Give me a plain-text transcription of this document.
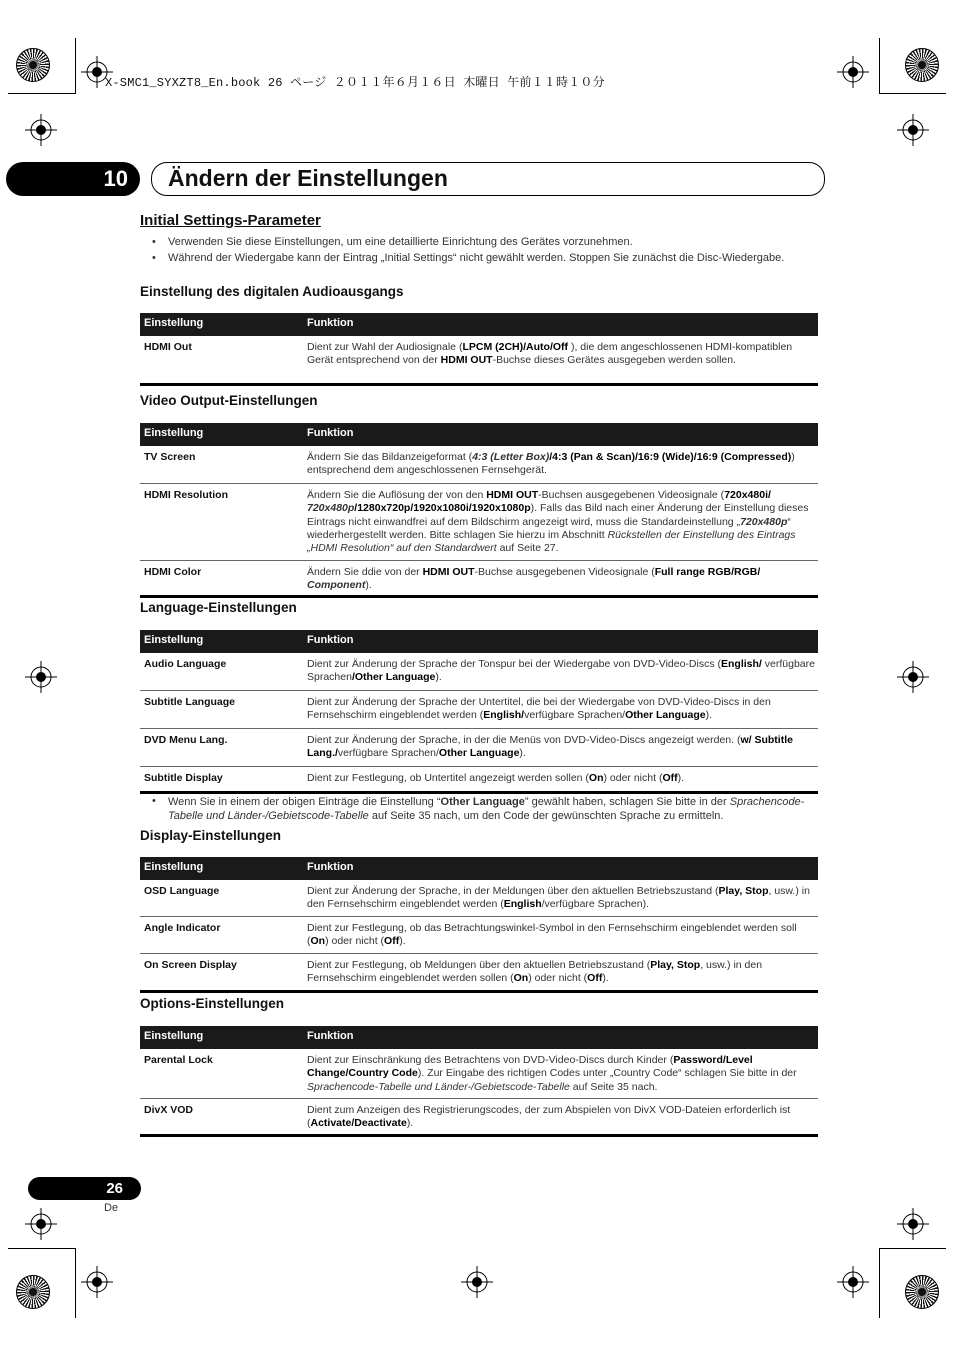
X-SMC1_SYXZT8_En.book 26 ページ ２０１１年６月１６日 木曜日 午前１１時１０分
10	Ändern der Einstellungen
Initial Settings-Parameter
• Verwenden Sie diese Einstellungen, um eine detaillierte Einrichtung des Gerätes vorzunehmen.
• Während der Wiedergabe kann der Eintrag „Initial Settings“ nicht gewählt werden. Stoppen Sie zunächst die Disc-Wiedergabe.
Einstellung des digitalen Audioausgangs
Einstellung	Funktion
HDMI Out	Dient zur Wahl der Audiosignale (LPCM (2CH)/Auto/Off ), die dem angeschlossenen HDMI-kompatiblen Gerät entsprechend von der HDMI OUT-Buchse dieses Gerätes ausgegeben werden sollen.
Video Output-Einstellungen
Einstellung	Funktion
TV Screen	Ändern Sie das Bildanzeigeformat (4:3 (Letter Box)/4:3 (Pan & Scan)/16:9 (Wide)/16:9 (Compressed)) entsprechend dem angeschlossenen Fernsehgerät.
HDMI Resolution	Ändern Sie die Auflösung der von den HDMI OUT-Buchsen ausgegebenen Videosignale (720x480i/ 720x480p/1280x720p/1920x1080i/1920x1080p). Falls das Bild nach einer Änderung der Einstellung dieses Eintrags nicht einwandfrei auf dem Bildschirm angezeigt wird, muss die Standardeinstellung „720x480p“ wiederhergestellt werden. Bitte schlagen Sie hierzu im Abschnitt Rückstellen der Einstellung des Eintrags „HDMI Resolution“ auf den Standardwert auf Seite 27.
HDMI Color	Ändern Sie ddie von der HDMI OUT-Buchse ausgegebenen Videosignale (Full range RGB/RGB/ Component).
Language-Einstellungen
Einstellung	Funktion
Audio Language	Dient zur Änderung der Sprache der Tonspur bei der Wiedergabe von DVD-Video-Discs (English/ verfügbare Sprachen/Other Language).
Subtitle Language	Dient zur Änderung der Sprache der Untertitel, die bei der Wiedergabe von DVD-Video-Discs in den Fernsehschirm eingeblendet werden (English/verfügbare Sprachen/Other Language).
DVD Menu Lang.	Dient zur Änderung der Sprache, in der die Menüs von DVD-Video-Discs angezeigt werden. (w/ Subtitle Lang./verfügbare Sprachen/Other Language).
Subtitle Display	Dient zur Festlegung, ob Untertitel angezeigt werden sollen (On) oder nicht (Off).
• Wenn Sie in einem der obigen Einträge die Einstellung “Other Language” gewählt haben, schlagen Sie bitte in der Sprachencode-Tabelle und Länder-/Gebietscode-Tabelle auf Seite 35 nach, um den Code der gewünschten Sprache zu ermitteln.
Display-Einstellungen
Einstellung	Funktion
OSD Language	Dient zur Änderung der Sprache, in der Meldungen über den aktuellen Betriebszustand (Play, Stop, usw.) in den Fernsehschirm eingeblendet werden (English/verfügbare Sprachen).
Angle Indicator	Dient zur Festlegung, ob das Betrachtungswinkel-Symbol in den Fernsehschirm eingeblendet werden soll (On) oder nicht (Off).
On Screen Display	Dient zur Festlegung, ob Meldungen über den aktuellen Betriebszustand (Play, Stop, usw.) in den Fernsehschirm eingeblendet werden sollen (On) oder nicht (Off).
Options-Einstellungen
Einstellung	Funktion
Parental Lock	Dient zur Einschränkung des Betrachtens von DVD-Video-Discs durch Kinder (Password/Level Change/Country Code). Zur Eingabe des richtigen Codes unter „Country Code“ schlagen Sie bitte in der Sprachencode-Tabelle und Länder-/Gebietscode-Tabelle auf Seite 35 nach.
DivX VOD	Dient zum Anzeigen des Registrierungscodes, der zum Abspielen von DivX VOD-Dateien erforderlich ist (Activate/Deactivate).
26
De
